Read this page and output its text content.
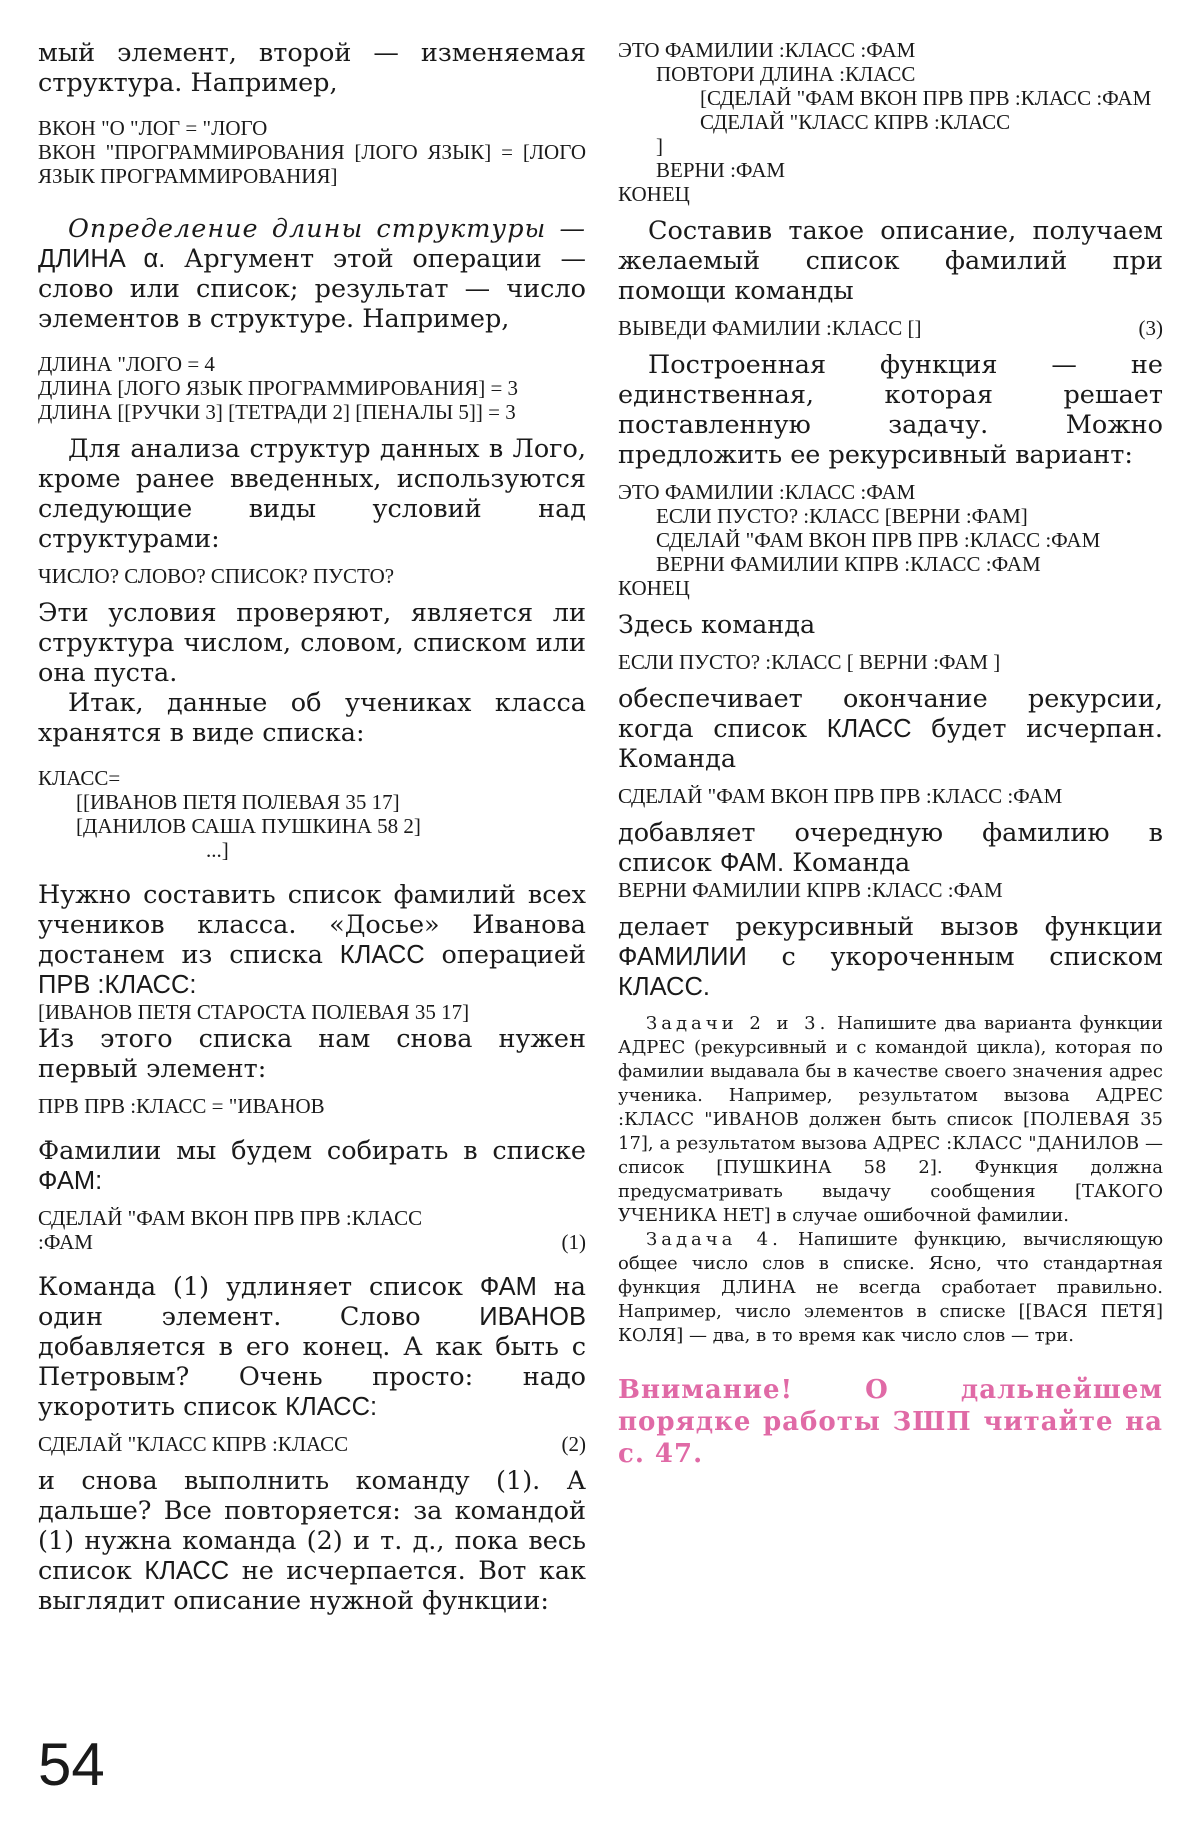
мый элемент, второй — изменяемая структура. Например,

ВКОН "О "ЛОГ = "ЛОГО

ВКОН "ПРОГРАММИРОВАНИЯ [ЛОГО ЯЗЫК] = [ЛОГО ЯЗЫК ПРОГРАММИРОВАНИЯ]

Определение длины структуры — ДЛИНА α. Аргумент этой операции — слово или список; результат — число элементов в структуре. Например,

ДЛИНА "ЛОГО = 4

ДЛИНА [ЛОГО ЯЗЫК ПРОГРАММИРОВАНИЯ] = 3

ДЛИНА [[РУЧКИ 3] [ТЕТРАДИ 2] [ПЕНАЛЫ 5]] = 3

Для анализа структур данных в Лого, кроме ранее введенных, используются следующие виды условий над структурами:

ЧИСЛО? СЛОВО? СПИСОК? ПУСТО?

Эти условия проверяют, является ли структура числом, словом, списком или она пуста.

Итак, данные об учениках класса хранятся в виде списка:

КЛАСС=

[[ИВАНОВ ПЕТЯ ПОЛЕВАЯ 35 17]

[ДАНИЛОВ САША ПУШКИНА 58 2]

...]

Нужно составить список фамилий всех учеников класса. «Досье» Иванова достанем из списка КЛАСС операцией ПРВ :КЛАСС:

[ИВАНОВ ПЕТЯ СТАРОСТА ПОЛЕВАЯ 35 17]

Из этого списка нам снова нужен первый элемент:

ПРВ ПРВ :КЛАСС = "ИВАНОВ

Фамилии мы будем собирать в списке ФАМ:

СДЕЛАЙ "ФАМ ВКОН ПРВ ПРВ :КЛАСС

:ФАМ	(1)

Команда (1) удлиняет список ФАМ на один элемент. Слово ИВАНОВ добавляется в его конец. А как быть с Петровым? Очень просто: надо укоротить список КЛАСС:

СДЕЛАЙ "КЛАСС КПРВ :КЛАСС	(2)

и снова выполнить команду (1). А дальше? Все повторяется: за командой (1) нужна команда (2) и т. д., пока весь список КЛАСС не исчерпается. Вот как выглядит описание нужной функции:

ЭТО ФАМИЛИИ :КЛАСС :ФАМ

ПОВТОРИ ДЛИНА :КЛАСС

[СДЕЛАЙ "ФАМ ВКОН ПРВ ПРВ :КЛАСС :ФАМ

СДЕЛАЙ "КЛАСС КПРВ :КЛАСС

]

ВЕРНИ :ФАМ

КОНЕЦ

Составив такое описание, получаем желаемый список фамилий при помощи команды

ВЫВЕДИ ФАМИЛИИ :КЛАСС []	(3)

Построенная функция — не единственная, которая решает поставленную задачу. Можно предложить ее рекурсивный вариант:

ЭТО ФАМИЛИИ :КЛАСС :ФАМ

ЕСЛИ ПУСТО? :КЛАСС [ВЕРНИ :ФАМ]

СДЕЛАЙ "ФАМ ВКОН ПРВ ПРВ :КЛАСС :ФАМ

ВЕРНИ ФАМИЛИИ КПРВ :КЛАСС :ФАМ

КОНЕЦ

Здесь команда

ЕСЛИ ПУСТО? :КЛАСС [ ВЕРНИ :ФАМ ]

обеспечивает окончание рекурсии, когда список КЛАСС будет исчерпан. Команда

СДЕЛАЙ "ФАМ ВКОН ПРВ ПРВ :КЛАСС :ФАМ

добавляет очередную фамилию в список ФАМ. Команда

ВЕРНИ ФАМИЛИИ КПРВ :КЛАСС :ФАМ

делает рекурсивный вызов функции ФАМИЛИИ с укороченным списком КЛАСС.

Задачи 2 и 3. Напишите два варианта функции АДРЕС (рекурсивный и с командой цикла), которая по фамилии выдавала бы в качестве своего значения адрес ученика. Например, результатом вызова АДРЕС :КЛАСС "ИВАНОВ должен быть список [ПОЛЕВАЯ 35 17], а результатом вызова АДРЕС :КЛАСС "ДАНИЛОВ — список [ПУШКИНА 58 2]. Функция должна предусматривать выдачу сообщения [ТАКОГО УЧЕНИКА НЕТ] в случае ошибочной фамилии.

Задача 4. Напишите функцию, вычисляющую общее число слов в списке. Ясно, что стандартная функция ДЛИНА не всегда сработает правильно. Например, число элементов в списке [[ВАСЯ ПЕТЯ] КОЛЯ] — два, в то время как число слов — три.

Внимание! О дальнейшем порядке работы ЗШП читайте на с. 47.

54
